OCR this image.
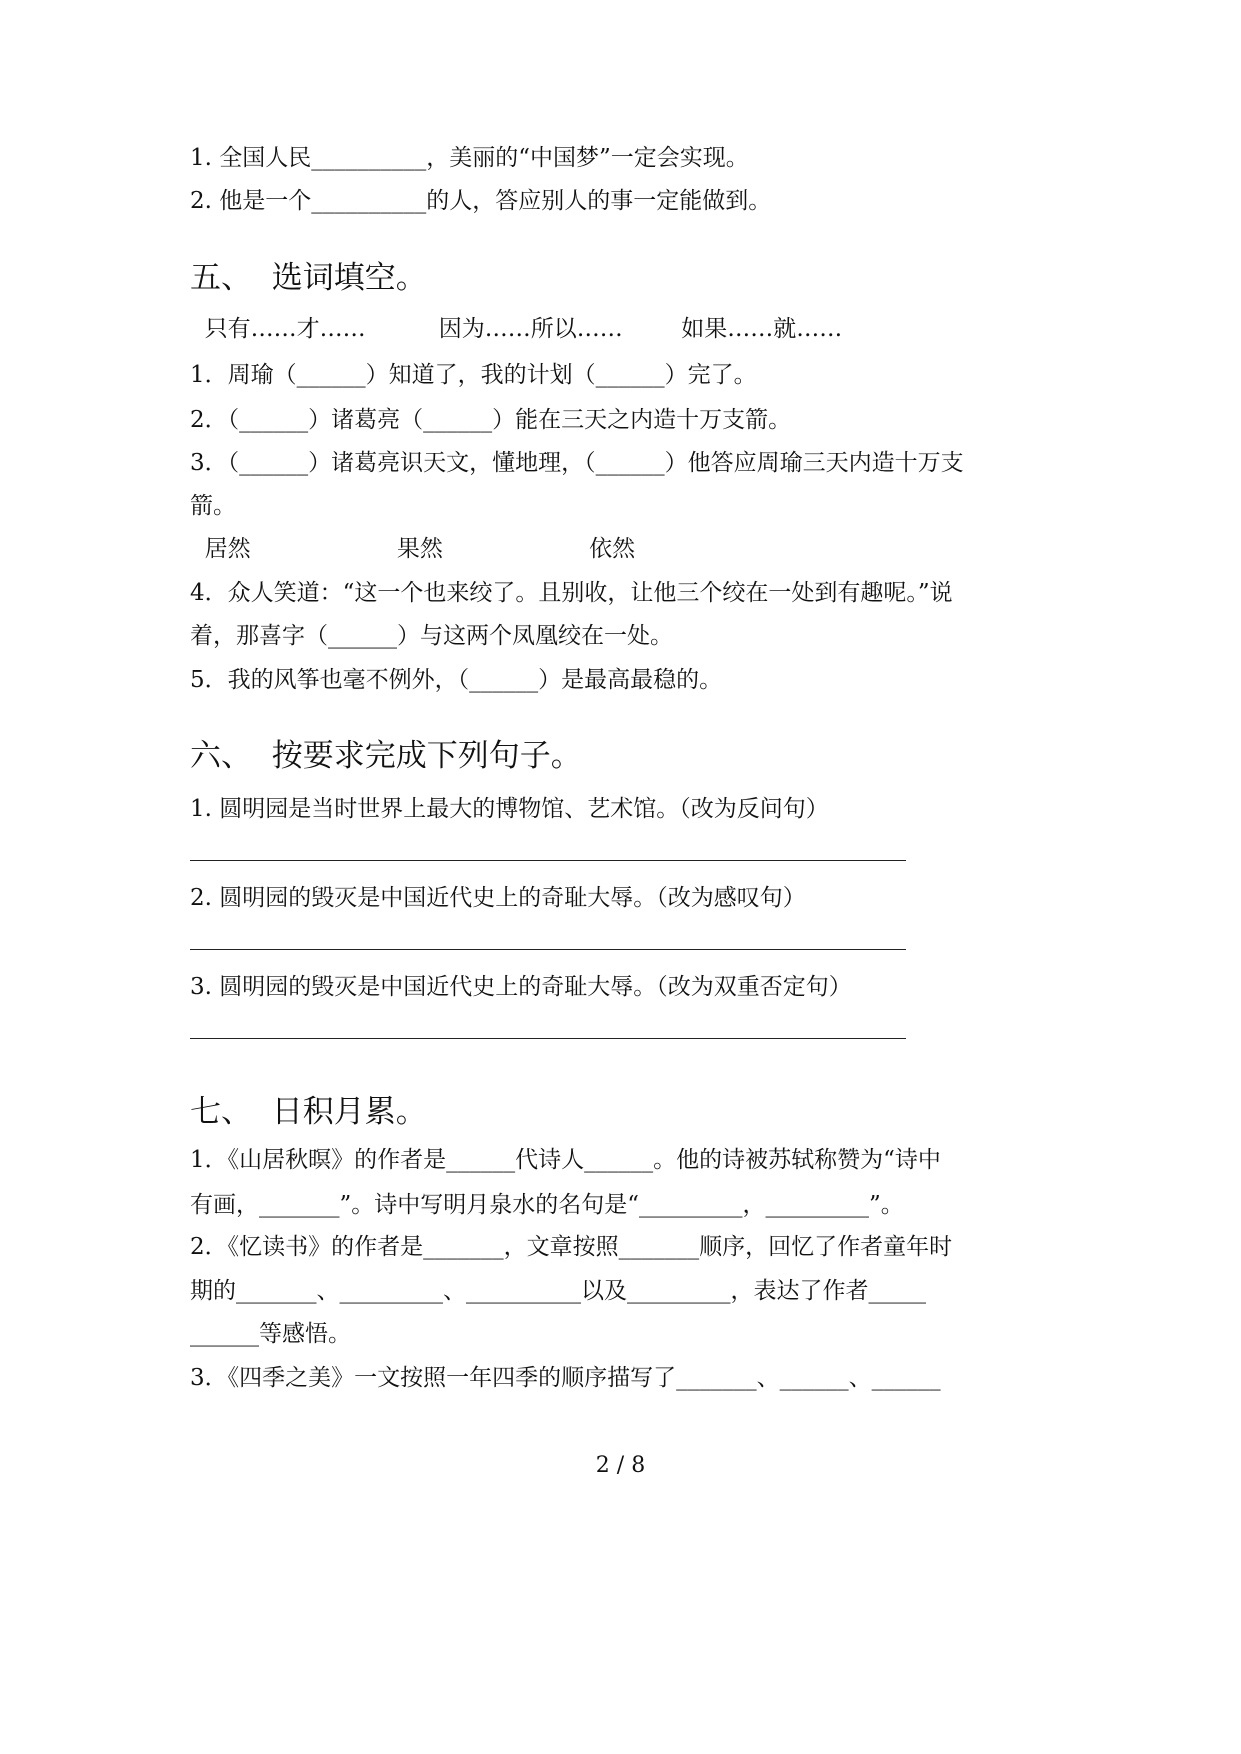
1. 全国人民__________，美丽的“中国梦”一定会实现。
2. 他是一个__________的人，答应别人的事一定能做到。
五、  选词填空。
只有……才……          因为……所以……        如果……就……
1．周瑜（______）知道了，我的计划（______）完了。
2．（______）诸葛亮（______）能在三天之内造十万支箭。
3．（______）诸葛亮识天文，懂地理，（______）他答应周瑜三天内造十万支
箭。
居然                    果然                    依然
4．众人笑道：“这一个也来绞了。且别收，让他三个绞在一处到有趣呢。”说
着，那喜字（______）与这两个凤凰绞在一处。
5．我的风筝也毫不例外，（______）是最高最稳的。
六、  按要求完成下列句子。
1. 圆明园是当时世界上最大的博物馆、艺术馆。（改为反问句）
2. 圆明园的毁灭是中国近代史上的奇耻大辱。（改为感叹句）
3. 圆明园的毁灭是中国近代史上的奇耻大辱。（改为双重否定句）
七、  日积月累。
1．《山居秋暝》的作者是______代诗人______。他的诗被苏轼称赞为“诗中
有画，_______”。诗中写明月泉水的名句是“_________，_________”。
2．《忆读书》的作者是_______，文章按照_______顺序，回忆了作者童年时
期的_______、_________、__________以及_________，表达了作者_____
______等感悟。
3．《四季之美》一文按照一年四季的顺序描写了_______、______、______
2 / 8
